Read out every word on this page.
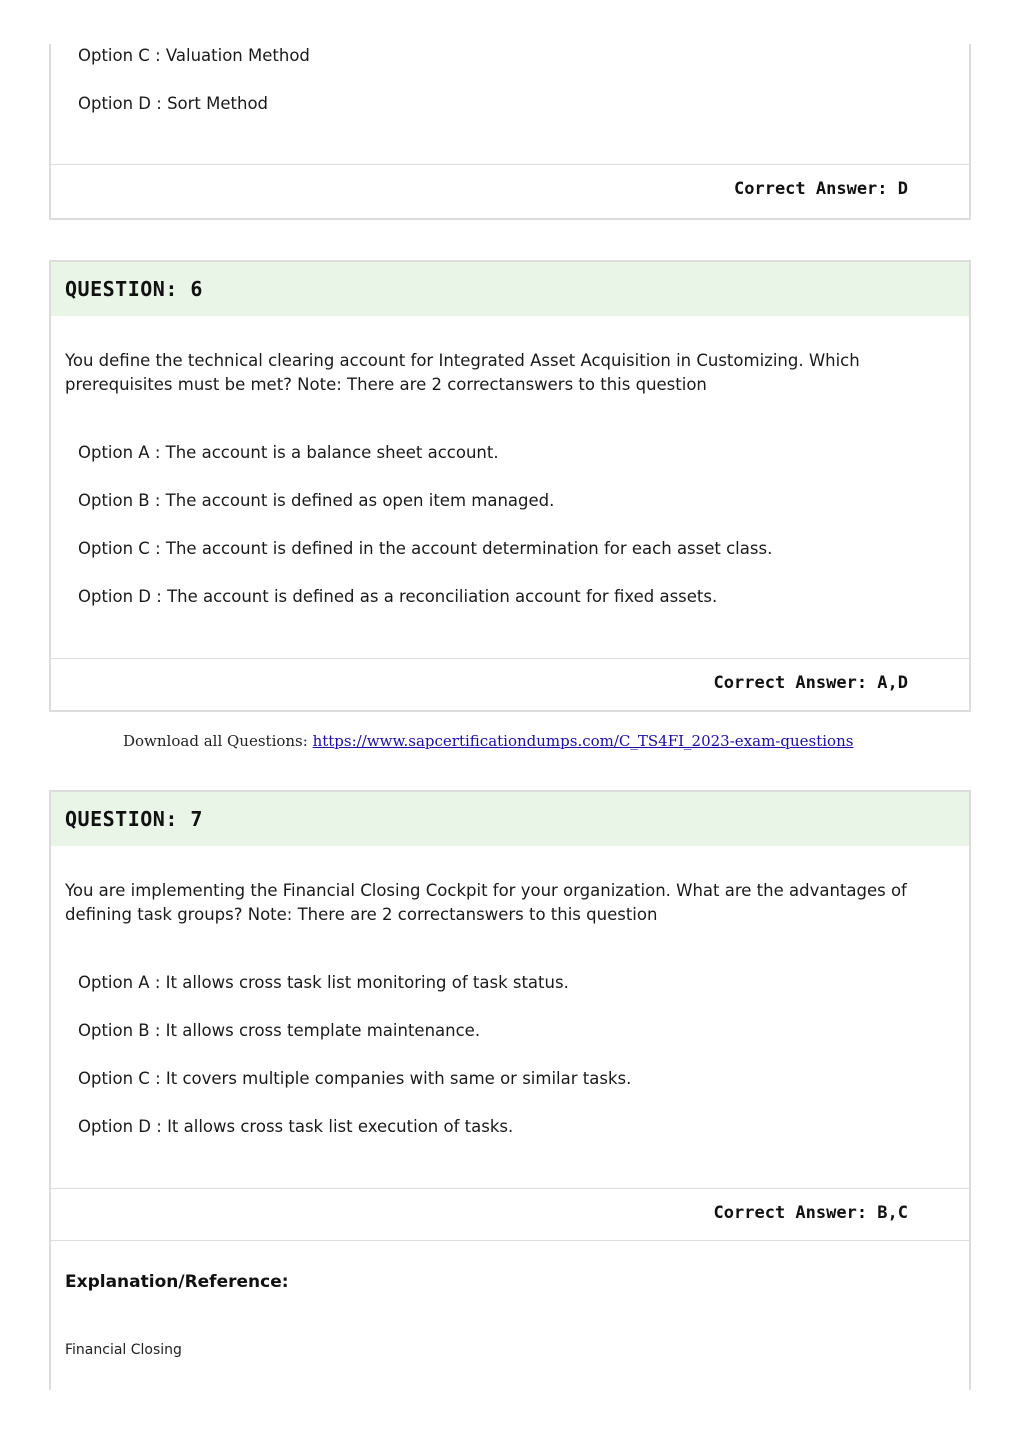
Option C : Valuation Method
Option D : Sort Method
Correct Answer: D
QUESTION: 6
You define the technical clearing account for Integrated Asset Acquisition in Customizing. Which prerequisites must be met? Note: There are 2 correctanswers to this question
Option A : The account is a balance sheet account.
Option B : The account is defined as open item managed.
Option C : The account is defined in the account determination for each asset class.
Option D : The account is defined as a reconciliation account for fixed assets.
Correct Answer: A,D
Download all Questions: https://www.sapcertificationdumps.com/C_TS4FI_2023-exam-questions
QUESTION: 7
You are implementing the Financial Closing Cockpit for your organization. What are the advantages of defining task groups? Note: There are 2 correctanswers to this question
Option A : It allows cross task list monitoring of task status.
Option B : It allows cross template maintenance.
Option C : It covers multiple companies with same or similar tasks.
Option D : It allows cross task list execution of tasks.
Correct Answer: B,C
Explanation/Reference:
Financial Closing
